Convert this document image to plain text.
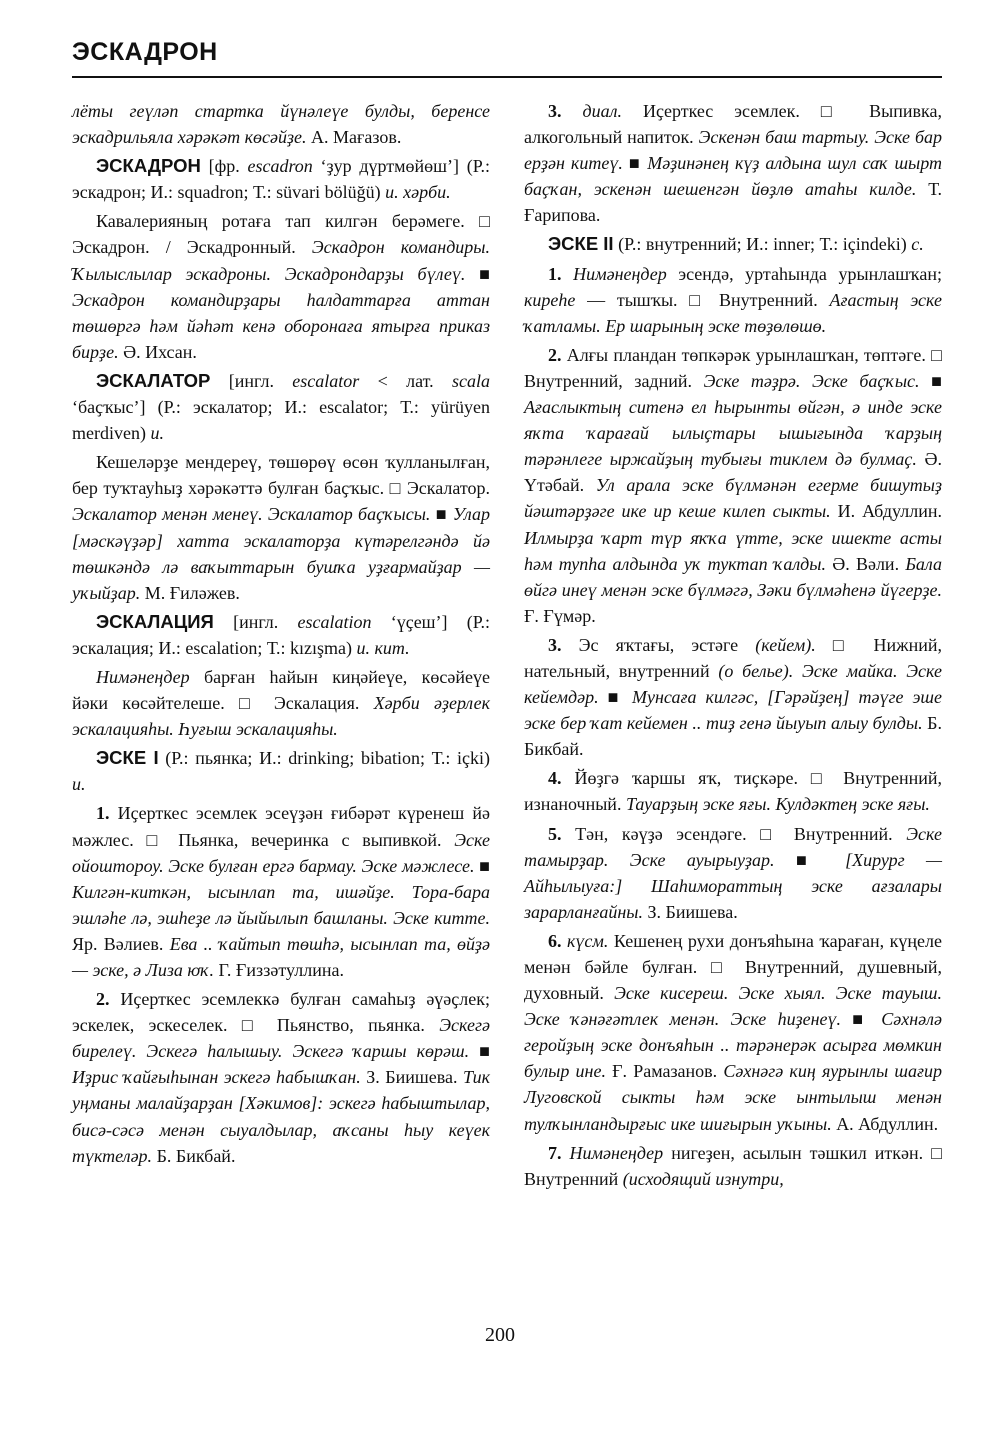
ЭСКАДРОН

лёты геүләп стартка йүнәлеүе булды, беренсе эскадрильяла хәрәкәт көсәйҙе. А. Мағазов.

ЭСКАДРОН [фр. escadron ‘ҙур дүртмөйөш’] (Р.: эскадрон; И.: squadron; Т.: süvari bölüğü) и. хәрби.

Кавалерияның ротаға тап килгән берәмеге. □ Эскадрон. / Эскадронный. Эскадрон командиры. Ҡылыслылар эскадроны. Эскадрондарҙы бүлеү. ■ Эскадрон командирҙары һалдаттарға аттан төшөргә һәм йәһәт кенә оборонаға ятырға приказ бирҙе. Ә. Ихсан.

ЭСКАЛАТОР [ингл. escalator < лат. scala ‘баҫҡыс’] (Р.: эскалатор; И.: escalator; Т.: yürüyen merdiven) и.

Кешеләрҙе мендереү, төшөрөү өсөн ҡулланылған, бер туҡтауһыҙ хәрәкәттә булған баҫҡыс. □ Эскалатор. Эскалатор менән менеү. Эскалатор баҫҡысы. ■ Улар [мәскәүҙәр] хатта эскалаторҙа күтәрелгәндә йә төшкәндә лә ваҡыттарын бушҡа уҙғармайҙар — уҡыйҙар. М. Ғиләжев.

ЭСКАЛАЦИЯ [ингл. escalation ‘үҫеш’] (Р.: эскалация; И.: escalation; Т.: kızışma) и. кит.

Нимәнеңдер барған һайын киңәйеүе, көсәйеүе йәки көсәйтелеше. □ Эскалация. Хәрби әҙерлек эскалацияһы. Һуғыш эскалацияһы.

ЭСКЕ I (Р.: пьянка; И.: drinking; bibation; Т.: içki) и.

1. Иҫерткес эсемлек эсеүҙән ғибәрәт күренеш йә мәжлес. □ Пьянка, вечеринка с выпивкой. Эске ойоштороу. Эске булған ергә бармау. Эске мәжлесе. ■ Килгән-киткән, ысынлап та, ишәйҙе. Тора-бара эшләһе лә, эшһеҙе лә йыйылып башланы. Эске китте. Яр. Вәлиев. Ева .. ҡайтып төшһә, ысынлап та, өйҙә — эске, ә Лиза юҡ. Г. Ғиззәтуллина.

2. Иҫерткес эсемлеккә булған самаһыҙ әүәҫлек; эскелек, эскеселек. □ Пьянство, пьянка. Эскегә бирелеү. Эскегә һалышыу. Эскегә ҡаршы көрәш. ■ Иҙрис ҡайғыһынан эскегә һабышҡан. З. Биишева. Тик уңманы малайҙарҙан [Хәкимов]: эскегә һабыштылар, бисә-сәсә менән сыуалдылар, аҡсаны һыу кеүек түктеләр. Б. Бикбай.

3. диал. Иҫерткес эсемлек. □ Выпивка, алкогольный напиток. Эскенән баш тартыу. Эске бар ерҙән китеү. ■ Мәҙинәнең күҙ алдына шул саҡ шырт баҫҡан, эскенән шешенгән йөҙлө атаһы килде. Т. Ғарипова.

ЭСКЕ II (Р.: внутренний; И.: inner; Т.: içindeki) с.

1. Нимәнеңдер эсендә, уртаһында урынлашҡан; киреһе — тышҡы. □ Внутренний. Ағастың эске ҡатламы. Ер шарының эске төҙөлөшө.

2. Алғы пландан төпкәрәк урынлашҡан, төптәге. □ Внутренний, задний. Эске тәҙрә. Эске баҫҡыс. ■ Ағаслыктың ситенә ел һырынты өйгән, ә инде эске яҡта ҡарағай ылыҫтары ышығында ҡарҙың тәрәнлеге ыржайҙың тубығы тиклем дә булмаҫ. Ә. Үтәбай. Ул арала эске бүлмәнән егерме бишутыҙ йәштәрҙәге ике ир кеше килеп сыкты. И. Абдуллин. Илмырҙа ҡарт түр яҡҡа үтте, эске ишекте асты һәм тупһа алдында уҡ туктап ҡалды. Ә. Вәли. Бала өйгә инеү менән эске бүлмәгә, Зәки бүлмәһенә йүгерҙе. Ғ. Ғүмәр.

3. Эс яҡтағы, эстәге (кейем). □ Нижний, нательный, внутренний (о белье). Эске майка. Эске кейемдәр. ■ Мунсаға килгәс, [Гәрәйҙең] тәүге эше эске бер ҡат кейемен .. тиҙ генә йыуып алыу булды. Б. Бикбай.

4. Йөҙгә ҡаршы яҡ, тиҫкәре. □ Внутренний, изнаночный. Тауарҙың эске яғы. Кулдәктең эске яғы.

5. Тән, кәүҙә эсендәге. □ Внутренний. Эске тамырҙар. Эске ауырыуҙар. ■ [Хирург — Айһылыуға:] Шаһимораттың эске ағзалары зарарланғайны. З. Биишева.

6. күсм. Кешенең рухи донъяһына ҡараған, күңеле менән бәйле булған. □ Внутренний, душевный, духовный. Эске кисереш. Эске хыял. Эске тауыш. Эске ҡәнәғәтлек менән. Эске һиҙенеү. ■ Сәхнәлә геройҙың эске донъяһын .. тәрәнерәк асырға мөмкин булыр ине. Ғ. Рамазанов. Сәхнәгә киң яурынлы шағир Луговской сыкты һәм эске ынтылыш менән тулҡынландырғыс ике шиғырын уҡыны. А. Абдуллин.

7. Нимәнеңдер нигеҙен, асылын тәшкил иткән. □ Внутренний (исходящий изнутри,

200
